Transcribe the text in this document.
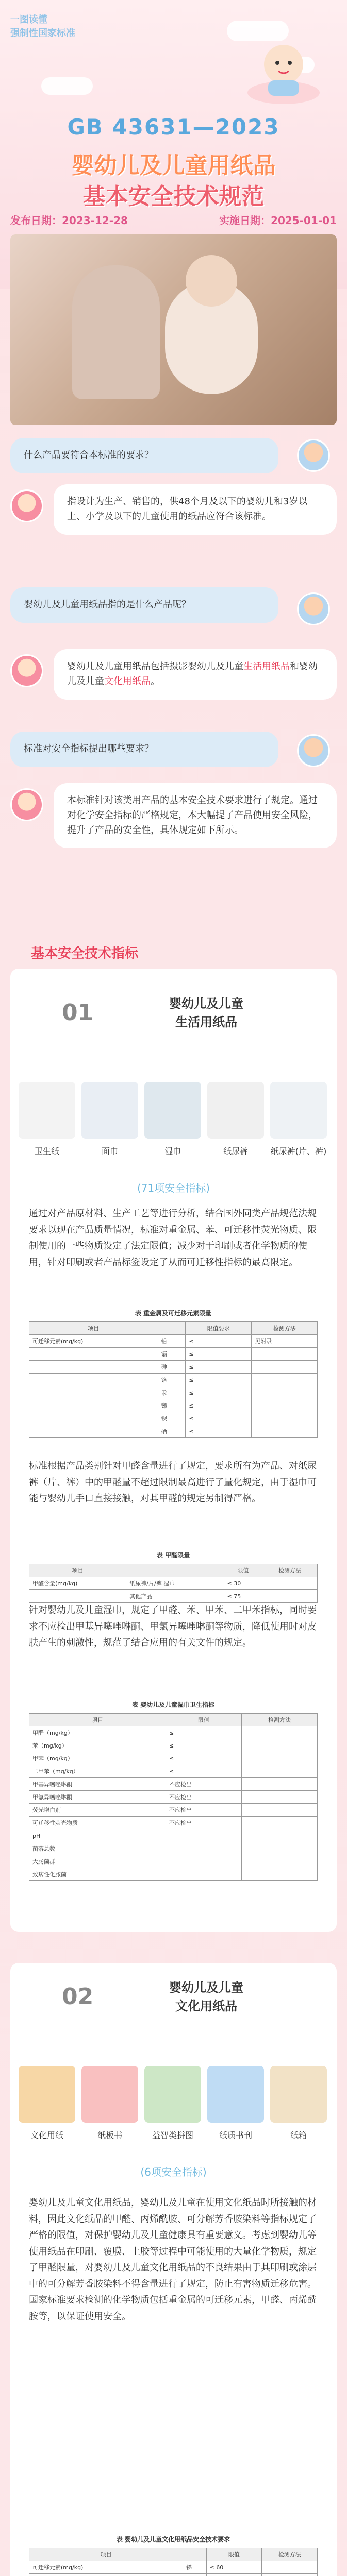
一图读懂
强制性国家标准
GB 43631—2023
婴幼儿及儿童用纸品
基本安全技术规范
发布日期：2023-12-28	实施日期：2025-01-01
什么产品要符合本标准的要求？
指设计为生产、销售的，供48个月及以下的婴幼儿和3岁以上、小学及以下的儿童使用的纸品应符合该标准。
婴幼儿及儿童用纸品指的是什么产品呢？
婴幼儿及儿童用纸品包括摄影婴幼儿及儿童生活用纸品和婴幼儿及儿童文化用纸品。
标准对安全指标提出哪些要求？
本标准针对该类用产品的基本安全技术要求进行了规定。通过对化学安全指标的严格规定，本大幅提了产品使用安全风险，提升了产品的安全性，具体规定如下所示。
基本安全技术指标
01	婴幼儿及儿童
生活用纸品
卫生纸	面巾	湿巾	纸尿裤	纸尿裤(片、裤)
(71项安全指标)
通过对产品原材料、生产工艺等进行分析，结合国外同类产品规范法规要求以现在产品质量情况，标准对重金属、苯、可迁移性荧光物质、限制使用的一些物质设定了法定限值；减少对于印刷或者化学物质的使用，针对印刷或者产品标签设定了从而可迁移性指标的最高限定。
表 重金属及可迁移元素限量
项目		限值要求	检测方法
可迁移元素(mg/kg)	铅	≤	见附录
	镉	≤	
	砷	≤	
	铬	≤	
	汞	≤	
	锑	≤	
	钡	≤	
	硒	≤	
标准根据产品类别针对甲醛含量进行了规定，要求所有为产品、对纸尿裤（片、裤）中的甲醛量不超过限制最高进行了量化规定，由于湿巾可能与婴幼儿手口直接接触，对其甲醛的规定另制得严格。
表 甲醛限量
项目		限值	检测方法
甲醛含量(mg/kg)	纸尿裤/片/裤 湿巾	≤ 30	
	其他产品	≤ 75	
针对婴幼儿及儿童湿巾，规定了甲醛、苯、甲苯、二甲苯指标，同时要求不应检出甲基异噻唑啉酮、甲氯异噻唑啉酮等物质，降低使用时对皮肤产生的刺激性，规范了结合应用的有关文件的规定。
表 婴幼儿及儿童湿巾卫生指标
项目	限值	检测方法
甲醛（mg/kg）	≤	
苯（mg/kg）	≤	
甲苯（mg/kg）	≤	
二甲苯（mg/kg）	≤	
甲基异噻唑啉酮	不应检出	
甲氯异噻唑啉酮	不应检出	
荧光增白剂	不应检出	
可迁移性荧光物质	不应检出	
pH		
菌落总数		
大肠菌群		
致病性化脓菌		
02	婴幼儿及儿童
文化用纸品
文化用纸	纸板书	益智类拼图	纸质书刊	纸箱
(6项安全指标)
婴幼儿及儿童文化用纸品，婴幼儿及儿童在使用文化纸品时所接触的材料，因此文化纸品的甲醛、丙烯酰胺、可分解芳香胺染料等指标规定了严格的限值，对保护婴幼儿及儿童健康具有重要意义。考虑到婴幼儿等使用纸品在印刷、覆膜、上胶等过程中可能使用的大量化学物质，规定了甲醛限量，对婴幼儿及儿童文化用纸品的不良结果由于其印刷或涂层中的可分解芳香胺染料不得含量进行了规定，防止有害物质迁移危害。国家标准要求检测的化学物质包括重金属的可迁移元素，甲醛、丙烯酰胺等，以保证使用安全。
表 婴幼儿及儿童文化用纸品安全技术要求
项目		限值	检测方法
可迁移元素(mg/kg)	锑	≤ 60	
